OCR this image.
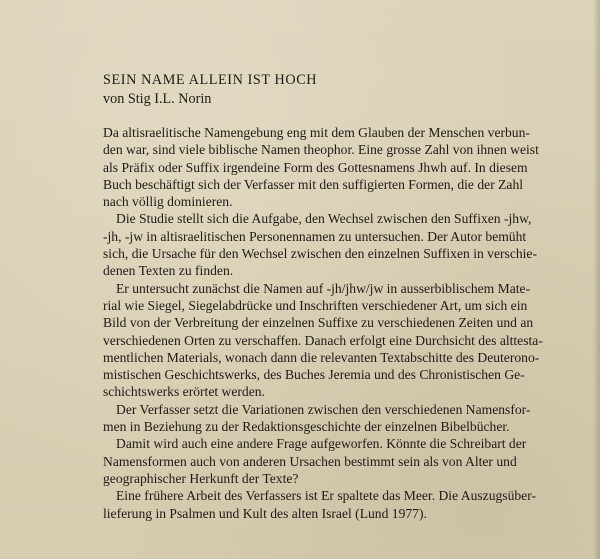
SEIN NAME ALLEIN IST HOCH
von Stig I.L. Norin

Da altisraelitische Namengebung eng mit dem Glauben der Menschen verbun-
den war, sind viele biblische Namen theophor. Eine grosse Zahl von ihnen weist
als Präfix oder Suffix irgendeine Form des Gottesnamens Jhwh auf. In diesem
Buch beschäftigt sich der Verfasser mit den suffigierten Formen, die der Zahl
nach völlig dominieren.

Die Studie stellt sich die Aufgabe, den Wechsel zwischen den Suffixen -jhw,
-jh, -jw in altisraelitischen Personennamen zu untersuchen. Der Autor bemüht
sich, die Ursache für den Wechsel zwischen den einzelnen Suffixen in verschie-
denen Texten zu finden.

Er untersucht zunächst die Namen auf -jh/jhw/jw in ausserbiblischem Mate-
rial wie Siegel, Siegelabdrücke und Inschriften verschiedener Art, um sich ein
Bild von der Verbreitung der einzelnen Suffixe zu verschiedenen Zeiten und an
verschiedenen Orten zu verschaffen. Danach erfolgt eine Durchsicht des alttesta-
mentlichen Materials, wonach dann die relevanten Textabschitte des Deuterono-
mistischen Geschichtswerks, des Buches Jeremia und des Chronistischen Ge-
schichtswerks erörtet werden.

Der Verfasser setzt die Variationen zwischen den verschiedenen Namensfor-
men in Beziehung zu der Redaktionsgeschichte der einzelnen Bibelbücher.

Damit wird auch eine andere Frage aufgeworfen. Könnte die Schreibart der
Namensformen auch von anderen Ursachen bestimmt sein als von Alter und
geographischer Herkunft der Texte?

Eine frühere Arbeit des Verfassers ist Er spaltete das Meer. Die Auszugsüber-
lieferung in Psalmen und Kult des alten Israel (Lund 1977).
